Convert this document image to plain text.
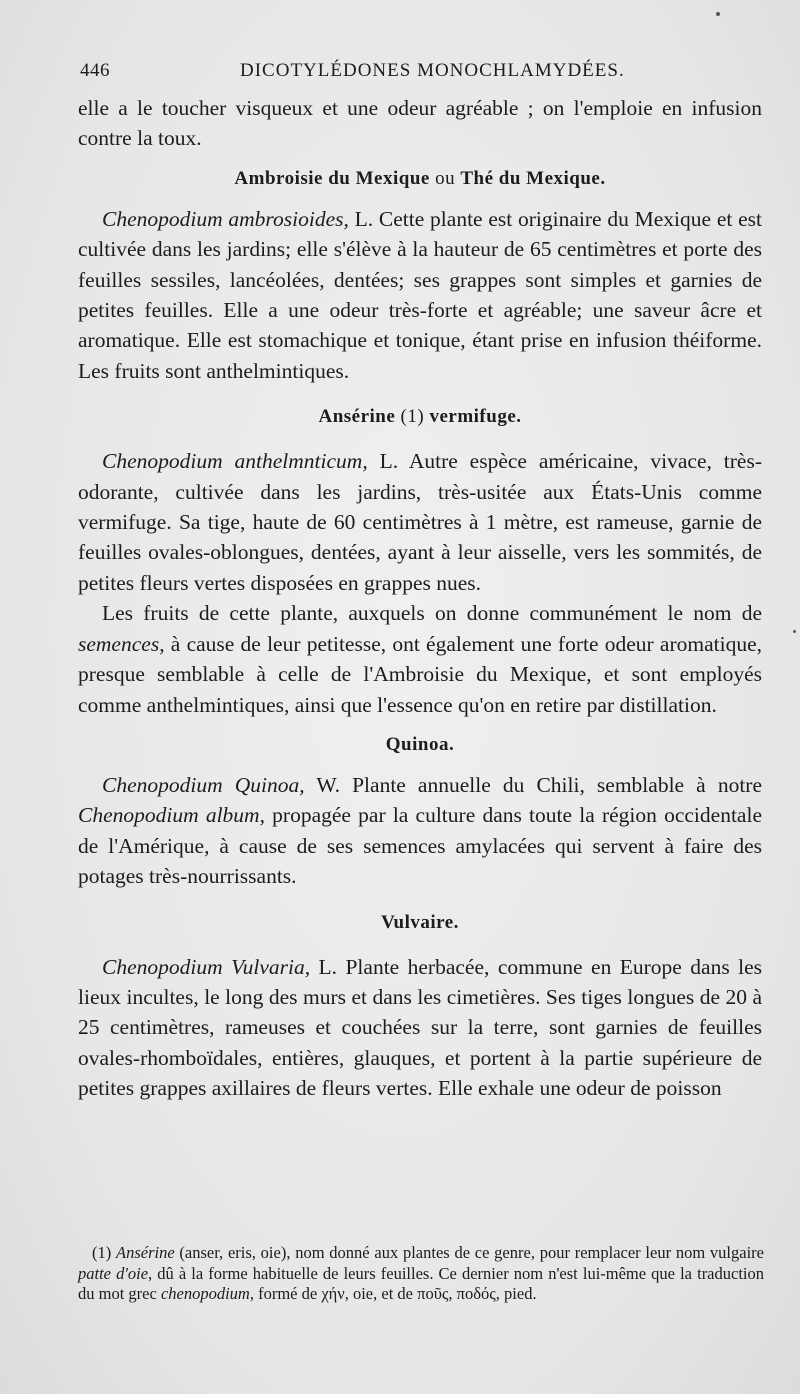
446	DICOTYLÉDONES MONOCHLAMYDÉES.

elle a le toucher visqueux et une odeur agréable ; on l'emploie en infusion contre la toux.

Ambroisie du Mexique ou Thé du Mexique.

Chenopodium ambrosioides, L. Cette plante est originaire du Mexique et est cultivée dans les jardins; elle s'élève à la hauteur de 65 centimètres et porte des feuilles sessiles, lancéolées, dentées; ses grappes sont simples et garnies de petites feuilles. Elle a une odeur très-forte et agréable; une saveur âcre et aromatique. Elle est stomachique et tonique, étant prise en infusion théiforme. Les fruits sont anthelmintiques.

Ansérine (1) vermifuge.

Chenopodium anthelmnticum, L. Autre espèce américaine, vivace, très-odorante, cultivée dans les jardins, très-usitée aux États-Unis comme vermifuge. Sa tige, haute de 60 centimètres à 1 mètre, est rameuse, garnie de feuilles ovales-oblongues, dentées, ayant à leur aisselle, vers les sommités, de petites fleurs vertes disposées en grappes nues.

Les fruits de cette plante, auxquels on donne communément le nom de semences, à cause de leur petitesse, ont également une forte odeur aromatique, presque semblable à celle de l'Ambroisie du Mexique, et sont employés comme anthelmintiques, ainsi que l'essence qu'on en retire par distillation.

Quinoa.

Chenopodium Quinoa, W. Plante annuelle du Chili, semblable à notre Chenopodium album, propagée par la culture dans toute la région occidentale de l'Amérique, à cause de ses semences amylacées qui servent à faire des potages très-nourrissants.

Vulvaire.

Chenopodium Vulvaria, L. Plante herbacée, commune en Europe dans les lieux incultes, le long des murs et dans les cimetières. Ses tiges longues de 20 à 25 centimètres, rameuses et couchées sur la terre, sont garnies de feuilles ovales-rhomboïdales, entières, glauques, et portent à la partie supérieure de petites grappes axillaires de fleurs vertes. Elle exhale une odeur de poisson

(1) Ansérine (anser, eris, oie), nom donné aux plantes de ce genre, pour remplacer leur nom vulgaire patte d'oie, dû à la forme habituelle de leurs feuilles. Ce dernier nom n'est lui-même que la traduction du mot grec chenopodium, formé de χήν, oie, et de ποῦς, ποδός, pied.
